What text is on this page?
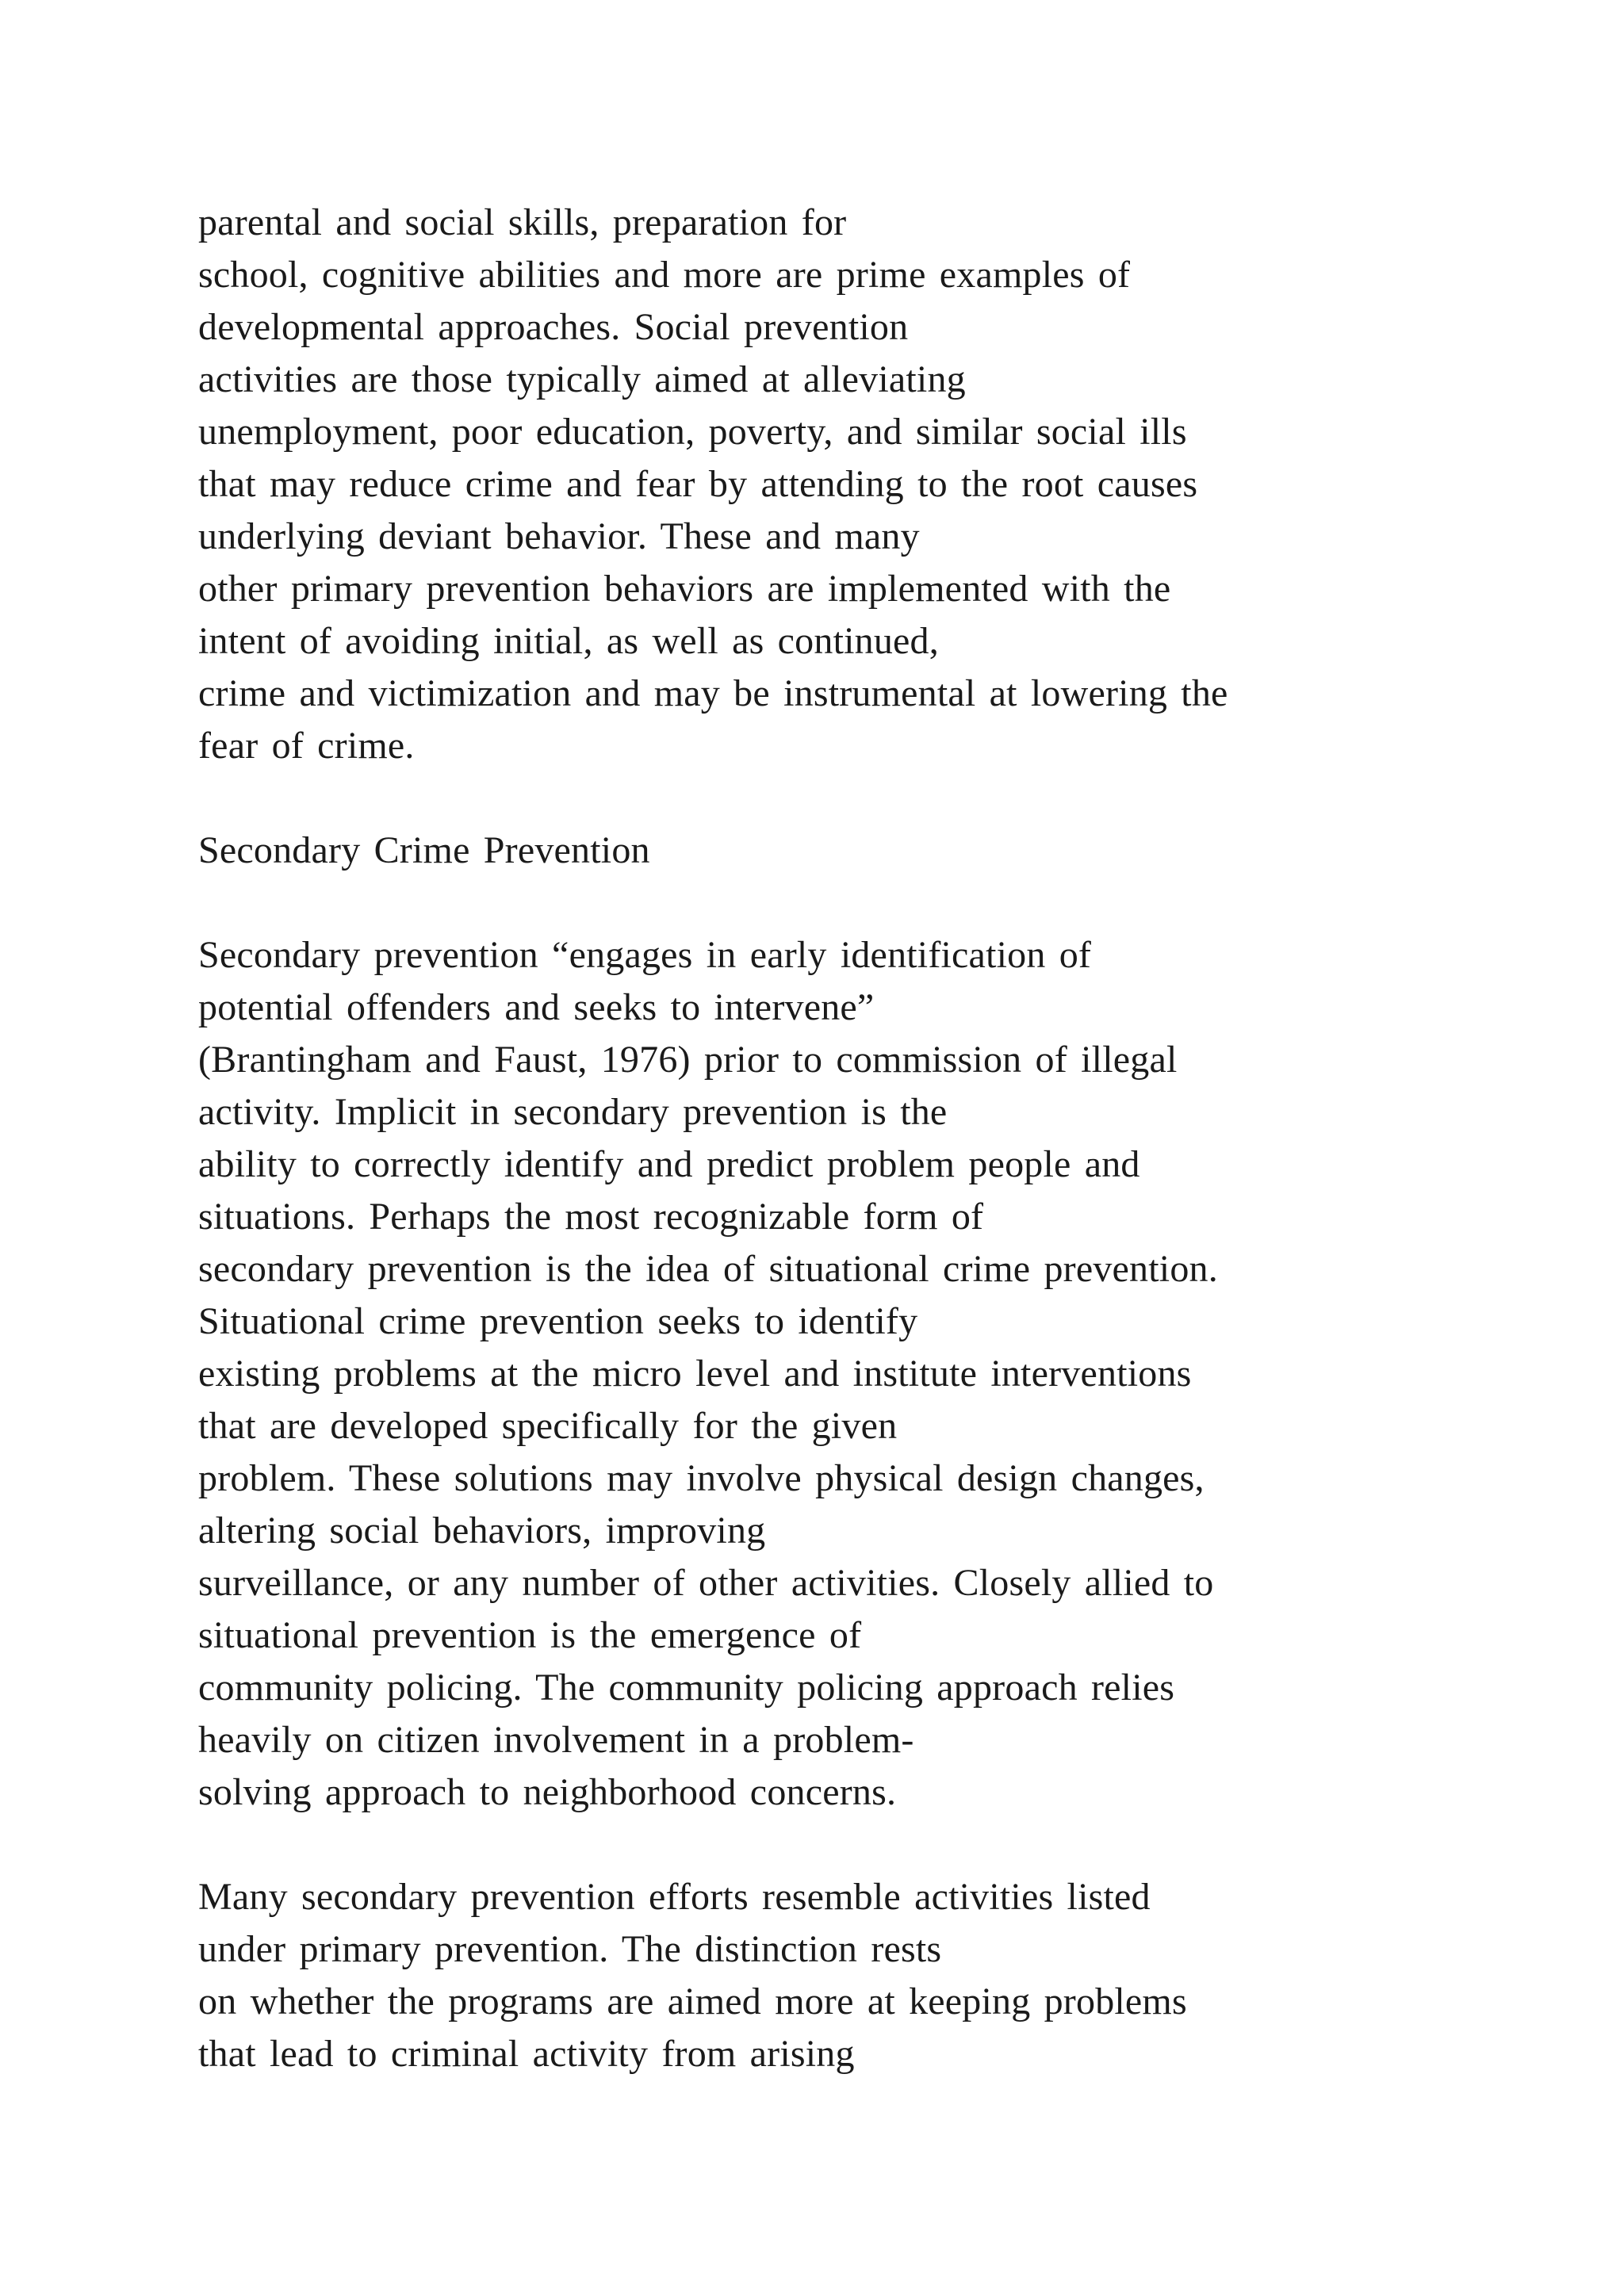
parental and social skills, preparation for
school, cognitive abilities and more are prime examples of
developmental approaches. Social prevention
activities are those typically aimed at alleviating
unemployment, poor education, poverty, and similar social ills
that may reduce crime and fear by attending to the root causes
underlying deviant behavior. These and many
other primary prevention behaviors are implemented with the
intent of avoiding initial, as well as continued,
crime and victimization and may be instrumental at lowering the
fear of crime.
Secondary Crime Prevention
Secondary prevention “engages in early identification of
potential offenders and seeks to intervene”
(Brantingham and Faust, 1976) prior to commission of illegal
activity. Implicit in secondary prevention is the
ability to correctly identify and predict problem people and
situations. Perhaps the most recognizable form of
secondary prevention is the idea of situational crime prevention.
Situational crime prevention seeks to identify
existing problems at the micro level and institute interventions
that are developed specifically for the given
problem. These solutions may involve physical design changes,
altering social behaviors, improving
surveillance, or any number of other activities. Closely allied to
situational prevention is the emergence of
community policing. The community policing approach relies
heavily on citizen involvement in a problem-
solving approach to neighborhood concerns.
Many secondary prevention efforts resemble activities listed
under primary prevention. The distinction rests
on whether the programs are aimed more at keeping problems
that lead to criminal activity from arising
